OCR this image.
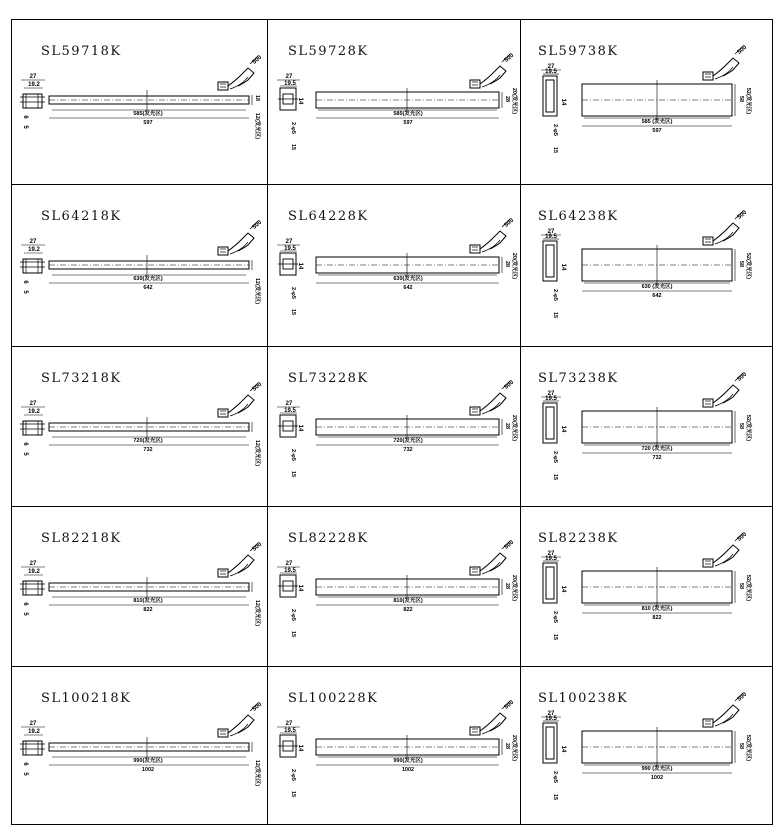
SL59718K
27
19.2
6
5
500
585(发光区)
597
18
12(发光区)
SL59728K
27
19.5
14
2-φ5
15
500
585(发光区)
597
28 20(发光区)
SL59738K
27
19.5
14
2-φ5
15
500
585 (发光区)
597
58 52(发光区)
SL64218K
27
19.2
6
5
500
630(发光区)
642	12(发光区)
SL64228K
27
19.5
14
2-φ5
15
500
630(发光区)
642
28 20(发光区)
SL64238K
27
19.5
14
2-φ5
15
500
630 (发光区)
642
58 52(发光区)
SL73218K
27
19.2
6
5
500
720(发光区)
732	12(发光区)
SL73228K
27
19.5
14
2-φ5
15
500
720(发光区)
732
28 20(发光区)
SL73238K
27
19.5
14
2-φ5
15
500
720 (发光区)
732
58 52(发光区)
SL82218K
27
19.2
6
5
500
810(发光区)
822	12(发光区)
SL82228K
27
19.5
14
2-φ5
15
500
810(发光区)
822
28 20(发光区)
SL82238K
27
19.5
14
2-φ5
15
500
810 (发光区)
822
58 52(发光区)
SL100218K
27
19.2
6
5
500
990(发光区)
1002	12(发光区)
SL100228K
27
19.5
14
2-φ5
15
500
990(发光区)
1002
28 20(发光区)
SL100238K
27
19.5
14
2-φ5
15
500
990 (发光区)
1002
58 52(发光区)
